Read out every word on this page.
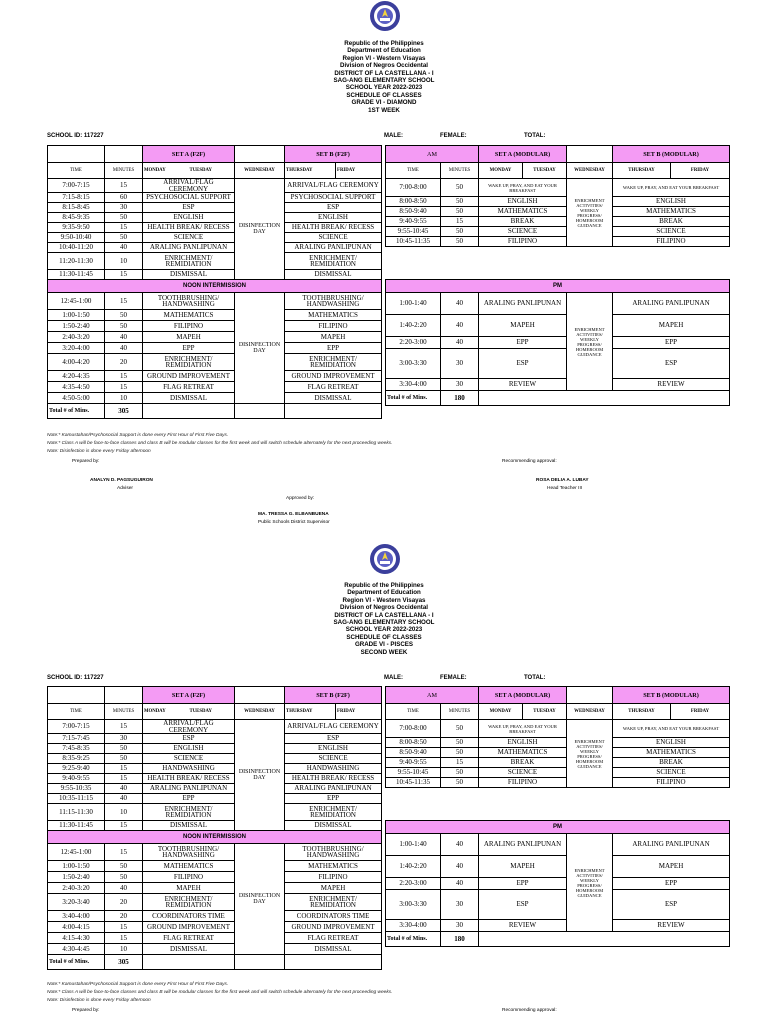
Republic of the Philippines
Department of Education
Region VI - Western Visayas
Division of Negros Occidental
DISTRICT OF LA CASTELLANA - I
SAG-ANG ELEMENTARY SCHOOL
SCHOOL YEAR 2022-2023
SCHEDULE OF CLASSES
GRADE VI - DIAMOND
1ST WEEK
SCHOOL ID: 117227	MALE:	FEMALE:	TOTAL:
		SET A (F2F)			SET B (F2F)	
TIME	MINUTES	MONDAY		TUESDAY	WEDNESDAY	THURSDAY	FRIDAY
7:00-7:15	15	ARRIVAL/FLAG CEREMONY		DISINFECTION DAY	ARRIVAL/FLAG CEREMONY	
7:15-8:15	60	PSYCHOSOCIAL SUPPORT			PSYCHOSOCIAL SUPPORT	
8:15-8:45	30	ESP			ESP	
8:45-9:35	50	ENGLISH			ENGLISH	
9:35-9:50	15	HEALTH BREAK/ RECESS			HEALTH BREAK/ RECESS	
9:50-10:40	50	SCIENCE			SCIENCE	
10:40-11:20	40	ARALING PANLIPUNAN			ARALING PANLIPUNAN	
11:20-11:30	10	ENRICHMENT/ REMIDIATION			ENRICHMENT/ REMIDIATION	
11:30-11:45	15	DISMISSAL			DISMISSAL	
NOON INTERMISSION						
12:45-1:00	15	TOOTHBRUSHING/ HANDWASHING		DISINFECTION DAY	TOOTHBRUSHING/ HANDWASHING	
1:00-1:50	50	MATHEMATICS			MATHEMATICS	
1:50-2:40	50	FILIPINO			FILIPINO	
2:40-3:20	40	MAPEH			MAPEH	
3:20-4:00	40	EPP			EPP	
4:00-4:20	20	ENRICHMENT/ REMIDIATION			ENRICHMENT/ REMIDIATION	
4:20-4:35	15	GROUND IMPROVEMENT			GROUND IMPROVEMENT	
4:35-4:50	15	FLAG RETREAT			FLAG RETREAT	
4:50-5:00	10	DISMISSAL			DISMISSAL	
Total # of Mins.	305					
AM		SET A (MODULAR)			SET B (MODULAR)	
TIME	MINUTES	MONDAY	TUESDAY	WEDNESDAY	THURSDAY	FRIDAY
7:00-8:00	50	WAKE UP, PRAY, AND EAT YOUR BREAKFAST		ENRICHMENT ACTIVITIES/ WEEKLY PROGRESS/ HOMEROOM GUIDANCE	WAKE UP, PRAY, AND EAT YOUR BREAKFAST	
8:00-8:50	50	ENGLISH			ENGLISH	
8:50-9:40	50	MATHEMATICS			MATHEMATICS	
9:40-9:55	15	BREAK			BREAK	
9:55-10:45	50	SCIENCE			SCIENCE	
10:45-11:35	50	FILIPINO			FILIPINO	

PM						
1:00-1:40	40	ARALING PANLIPUNAN		ENRICHMENT ACTIVITIES/ WEEKLY PROGRESS/ HOMEROOM GUIDANCE	ARALING PANLIPUNAN	
1:40-2:20	40	MAPEH			MAPEH	
2:20-3:00	40	EPP			EPP	
3:00-3:30	30	ESP			ESP	
3:30-4:00	30	REVIEW			REVIEW	
Total # of Mins.	180					
Note:* Kamustahan/Psychosocial Support is done every First Hour of First Five Days.
Note:* Class A will be face-to-face classes and class B will be modular classes for the first week and will switch schedule alternately for the next proceeding weeks.
Note: Disinfection is done every Friday afternoon
Prepared by:	Recommending approval:
ANALYN D. PAGSUGUIRON
Adviser
ROSA DELIA A. LUBAY
Head Teacher III
Approved by:
MA. TRESSA G. ELBANBUENA
Public Schools District Supervisor
Republic of the Philippines
Department of Education
Region VI - Western Visayas
Division of Negros Occidental
DISTRICT OF LA CASTELLANA - I
SAG-ANG ELEMENTARY SCHOOL
SCHOOL YEAR 2022-2023
SCHEDULE OF CLASSES
GRADE VI - PISCES
SECOND WEEK
SCHOOL ID: 117227	MALE:	FEMALE:	TOTAL:
		SET A (F2F)			SET B (F2F)	
TIME	MINUTES	MONDAY		TUESDAY	WEDNESDAY	THURSDAY	FRIDAY
7:00-7:15	15	ARRIVAL/FLAG CEREMONY		DISINFECTION DAY	ARRIVAL/FLAG CEREMONY	
7:15-7:45	30	ESP			ESP	
7:45-8:35	50	ENGLISH			ENGLISH	
8:35-9:25	50	SCIENCE			SCIENCE	
9:25-9:40	15	HANDWASHING			HANDWASHING	
9:40-9:55	15	HEALTH BREAK/ RECESS			HEALTH BREAK/ RECESS	
9:55-10:35	40	ARALING PANLIPUNAN			ARALING PANLIPUNAN	
10:35-11:15	40	EPP			EPP	
11:15-11:30	10	ENRICHMENT/ REMIDIATION			ENRICHMENT/ REMIDIATION	
11:30-11:45	15	DISMISSAL			DISMISSAL	
NOON INTERMISSION						
12:45-1:00	15	TOOTHBRUSHING/ HANDWASHING		DISINFECTION DAY	TOOTHBRUSHING/ HANDWASHING	
1:00-1:50	50	MATHEMATICS			MATHEMATICS	
1:50-2:40	50	FILIPINO			FILIPINO	
2:40-3:20	40	MAPEH			MAPEH	
3:20-3:40	20	ENRICHMENT/ REMIDIATION			ENRICHMENT/ REMIDIATION	
3:40-4:00	20	COORDINATORS TIME			COORDINATORS TIME	
4:00-4:15	15	GROUND IMPROVEMENT			GROUND IMPROVEMENT	
4:15-4:30	15	FLAG RETREAT			FLAG RETREAT	
4:30-4:45	10	DISMISSAL			DISMISSAL	
Total # of Mins.	305					
AM		SET A (MODULAR)			SET B (MODULAR)	
TIME	MINUTES	MONDAY	TUESDAY	WEDNESDAY	THURSDAY	FRIDAY
7:00-8:00	50	WAKE UP, PRAY, AND EAT YOUR BREAKFAST		ENRICHMENT ACTIVITIES/ WEEKLY PROGRESS/ HOMEROOM GUIDANCE	WAKE UP, PRAY, AND EAT YOUR BREAKFAST	
8:00-8:50	50	ENGLISH			ENGLISH	
8:50-9:40	50	MATHEMATICS			MATHEMATICS	
9:40-9:55	15	BREAK			BREAK	
9:55-10:45	50	SCIENCE			SCIENCE	
10:45-11:35	50	FILIPINO			FILIPINO	

PM						
1:00-1:40	40	ARALING PANLIPUNAN		ENRICHMENT ACTIVITIES/ WEEKLY PROGRESS/ HOMEROOM GUIDANCE	ARALING PANLIPUNAN	
1:40-2:20	40	MAPEH			MAPEH	
2:20-3:00	40	EPP			EPP	
3:00-3:30	30	ESP			ESP	
3:30-4:00	30	REVIEW			REVIEW	
Total # of Mins.	180					
Note:* Kamustahan/Psychosocial Support is done every First Hour of First Five Days.
Note:* Class A will be face-to-face classes and class B will be modular classes for the first week and will switch schedule alternately for the next proceeding weeks.
Note: Disinfection is done every Friday afternoon
Prepared by:	Recommending approval:
